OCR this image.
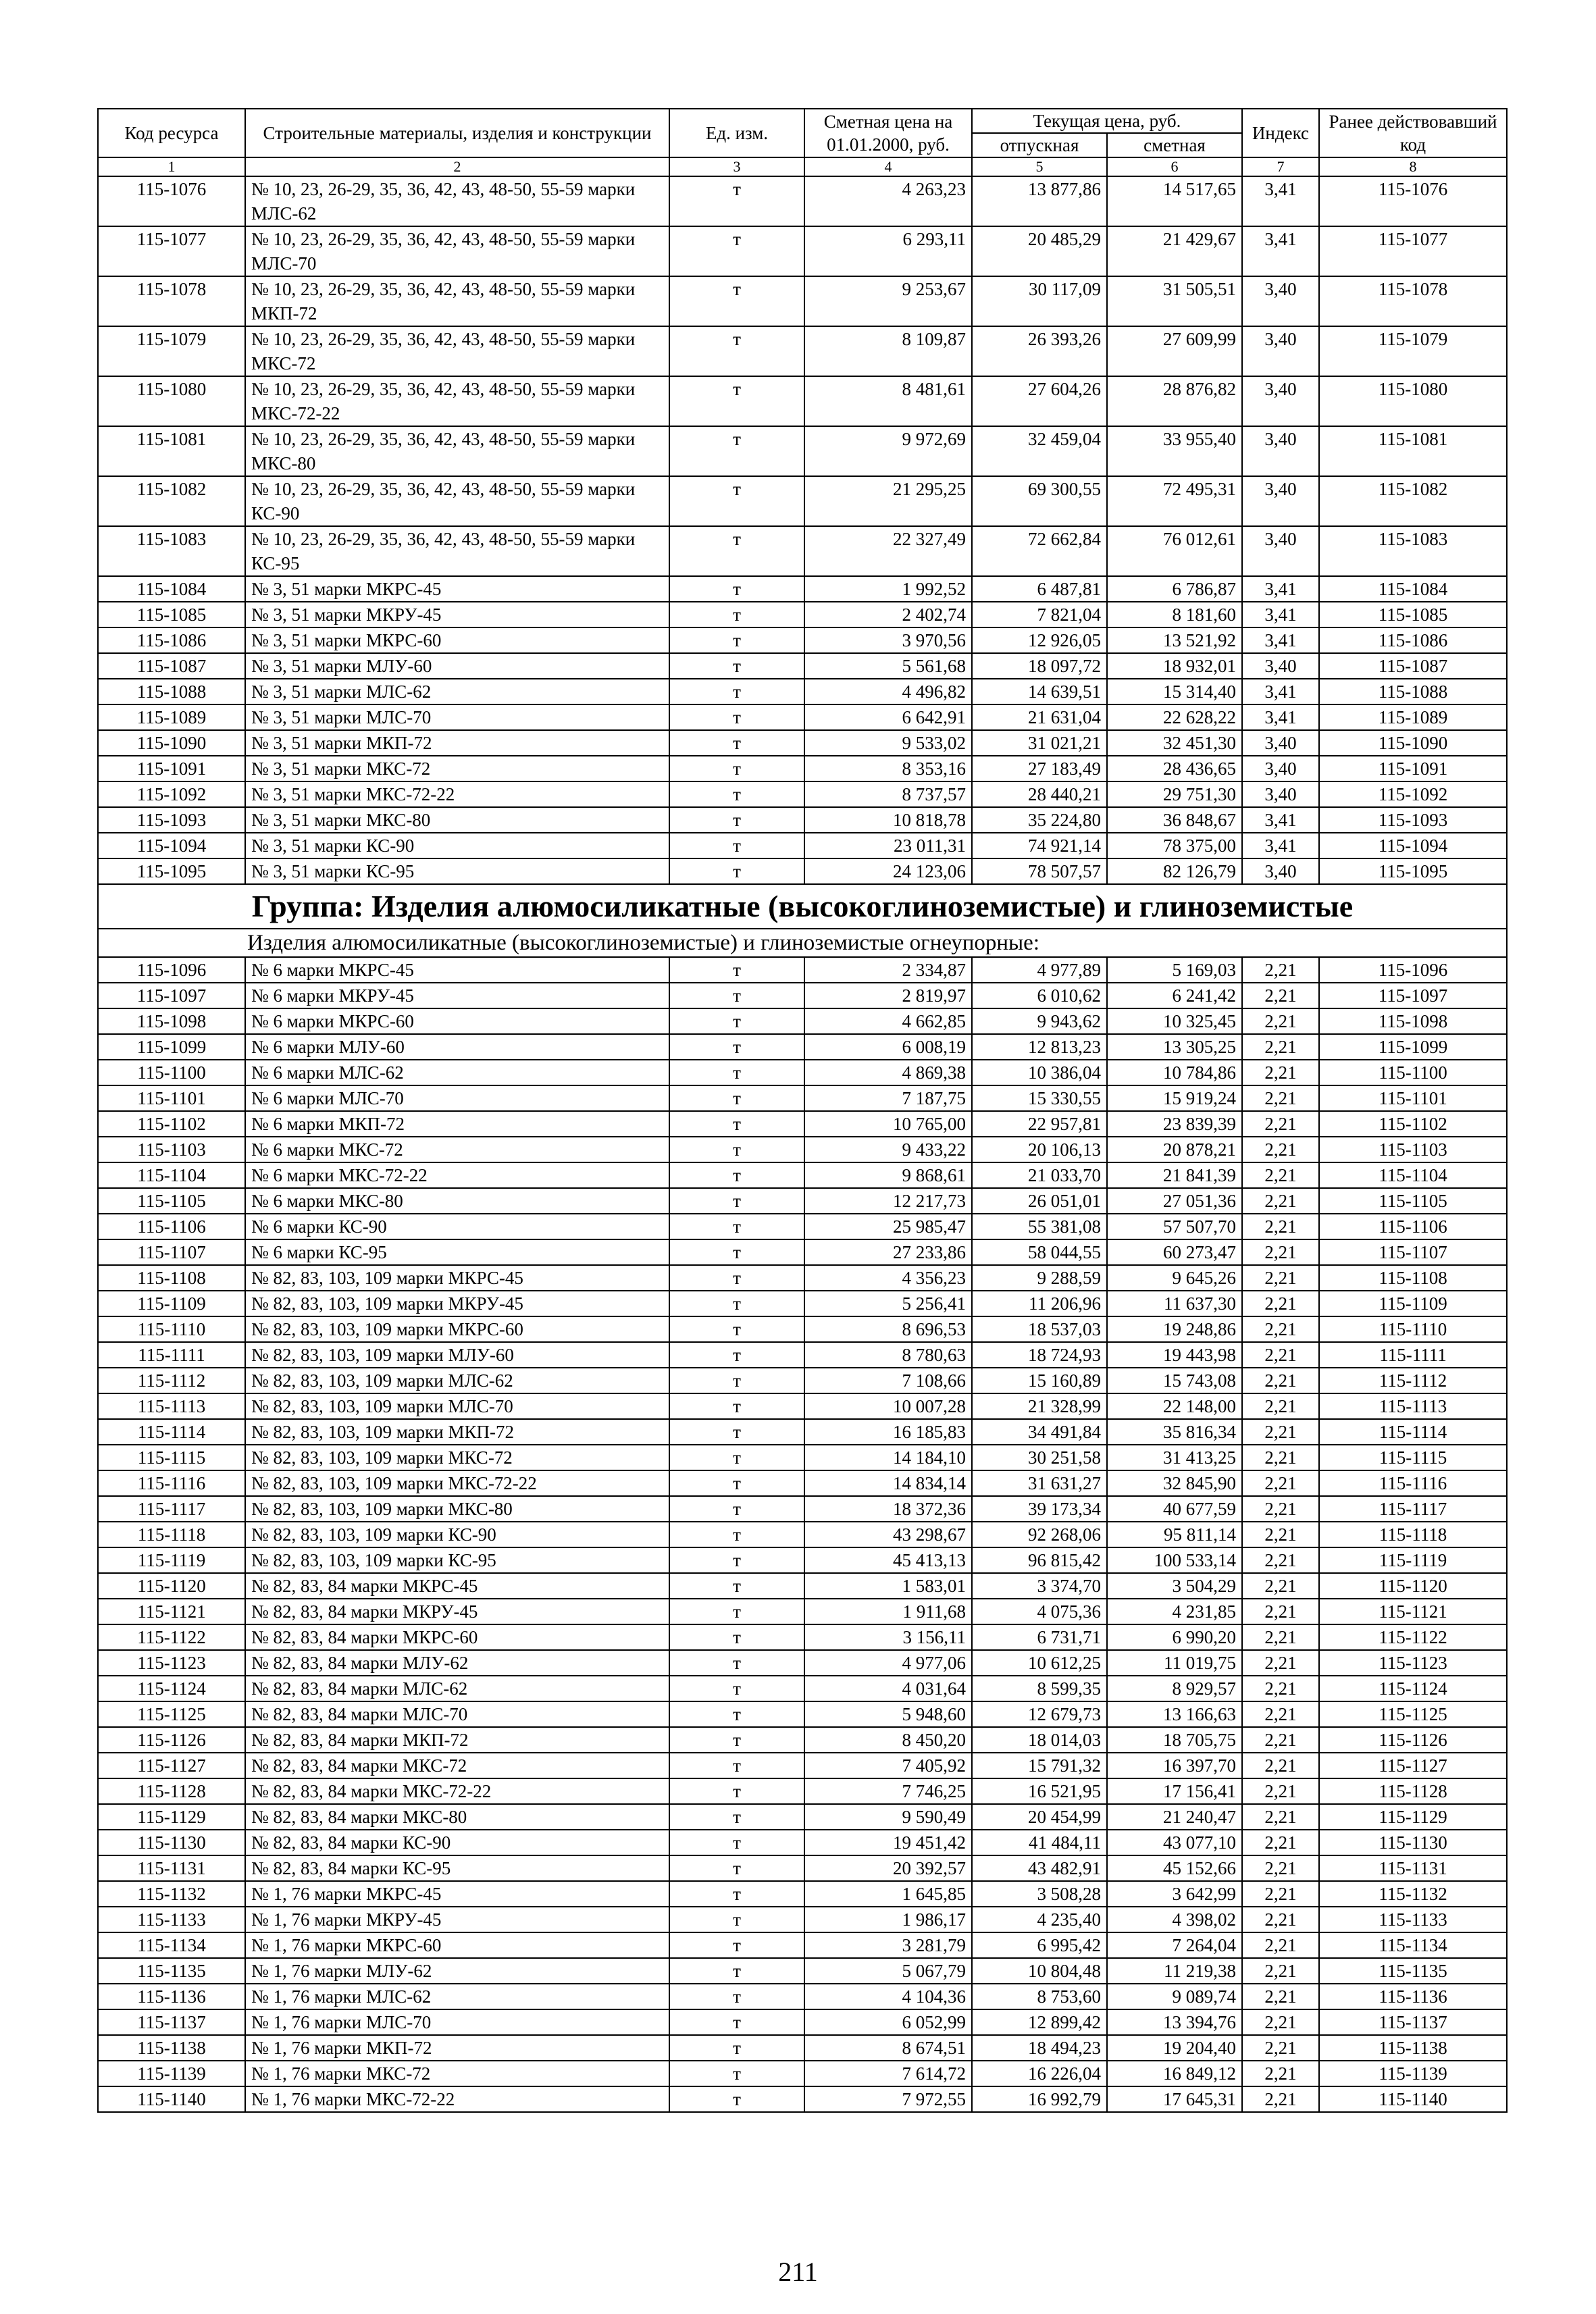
Код ресурса	Строительные материалы, изделия и конструкции	Ед. изм.	Сметная цена на 01.01.2000, руб.	Текущая цена, руб.		Индекс	Ранее действовавший код
				отпускная	сметная		
1	2	3	4	5	6	7	8
115-1076	№ 10, 23, 26-29, 35, 36, 42, 43, 48-50, 55-59 марки МЛС-62	т	4 263,23	13 877,86	14 517,65	3,41	115-1076
115-1077	№ 10, 23, 26-29, 35, 36, 42, 43, 48-50, 55-59 марки МЛС-70	т	6 293,11	20 485,29	21 429,67	3,41	115-1077
115-1078	№ 10, 23, 26-29, 35, 36, 42, 43, 48-50, 55-59 марки МКП-72	т	9 253,67	30 117,09	31 505,51	3,40	115-1078
115-1079	№ 10, 23, 26-29, 35, 36, 42, 43, 48-50, 55-59 марки МКС-72	т	8 109,87	26 393,26	27 609,99	3,40	115-1079
115-1080	№ 10, 23, 26-29, 35, 36, 42, 43, 48-50, 55-59 марки МКС-72-22	т	8 481,61	27 604,26	28 876,82	3,40	115-1080
115-1081	№ 10, 23, 26-29, 35, 36, 42, 43, 48-50, 55-59 марки МКС-80	т	9 972,69	32 459,04	33 955,40	3,40	115-1081
115-1082	№ 10, 23, 26-29, 35, 36, 42, 43, 48-50, 55-59 марки КС-90	т	21 295,25	69 300,55	72 495,31	3,40	115-1082
115-1083	№ 10, 23, 26-29, 35, 36, 42, 43, 48-50, 55-59 марки КС-95	т	22 327,49	72 662,84	76 012,61	3,40	115-1083
115-1084	№ 3, 51 марки МКРС-45	т	1 992,52	6 487,81	6 786,87	3,41	115-1084
115-1085	№ 3, 51 марки МКРУ-45	т	2 402,74	7 821,04	8 181,60	3,41	115-1085
115-1086	№ 3, 51 марки МКРС-60	т	3 970,56	12 926,05	13 521,92	3,41	115-1086
115-1087	№ 3, 51 марки МЛУ-60	т	5 561,68	18 097,72	18 932,01	3,40	115-1087
115-1088	№ 3, 51 марки МЛС-62	т	4 496,82	14 639,51	15 314,40	3,41	115-1088
115-1089	№ 3, 51 марки МЛС-70	т	6 642,91	21 631,04	22 628,22	3,41	115-1089
115-1090	№ 3, 51 марки МКП-72	т	9 533,02	31 021,21	32 451,30	3,40	115-1090
115-1091	№ 3, 51 марки МКС-72	т	8 353,16	27 183,49	28 436,65	3,40	115-1091
115-1092	№ 3, 51 марки МКС-72-22	т	8 737,57	28 440,21	29 751,30	3,40	115-1092
115-1093	№ 3, 51 марки МКС-80	т	10 818,78	35 224,80	36 848,67	3,41	115-1093
115-1094	№ 3, 51 марки КС-90	т	23 011,31	74 921,14	78 375,00	3,41	115-1094
115-1095	№ 3, 51 марки КС-95	т	24 123,06	78 507,57	82 126,79	3,40	115-1095
Группа: Изделия алюмосиликатные (высокоглиноземистые) и глиноземистые							
Изделия алюмосиликатные (высокоглиноземистые) и глиноземистые огнеупорные:							
115-1096	№ 6 марки МКРС-45	т	2 334,87	4 977,89	5 169,03	2,21	115-1096
115-1097	№ 6 марки МКРУ-45	т	2 819,97	6 010,62	6 241,42	2,21	115-1097
115-1098	№ 6 марки МКРС-60	т	4 662,85	9 943,62	10 325,45	2,21	115-1098
115-1099	№ 6 марки МЛУ-60	т	6 008,19	12 813,23	13 305,25	2,21	115-1099
115-1100	№ 6 марки МЛС-62	т	4 869,38	10 386,04	10 784,86	2,21	115-1100
115-1101	№ 6 марки МЛС-70	т	7 187,75	15 330,55	15 919,24	2,21	115-1101
115-1102	№ 6 марки МКП-72	т	10 765,00	22 957,81	23 839,39	2,21	115-1102
115-1103	№ 6 марки МКС-72	т	9 433,22	20 106,13	20 878,21	2,21	115-1103
115-1104	№ 6 марки МКС-72-22	т	9 868,61	21 033,70	21 841,39	2,21	115-1104
115-1105	№ 6 марки МКС-80	т	12 217,73	26 051,01	27 051,36	2,21	115-1105
115-1106	№ 6 марки КС-90	т	25 985,47	55 381,08	57 507,70	2,21	115-1106
115-1107	№ 6 марки КС-95	т	27 233,86	58 044,55	60 273,47	2,21	115-1107
115-1108	№ 82, 83, 103, 109 марки МКРС-45	т	4 356,23	9 288,59	9 645,26	2,21	115-1108
115-1109	№ 82, 83, 103, 109 марки МКРУ-45	т	5 256,41	11 206,96	11 637,30	2,21	115-1109
115-1110	№ 82, 83, 103, 109 марки МКРС-60	т	8 696,53	18 537,03	19 248,86	2,21	115-1110
115-1111	№ 82, 83, 103, 109 марки МЛУ-60	т	8 780,63	18 724,93	19 443,98	2,21	115-1111
115-1112	№ 82, 83, 103, 109 марки МЛС-62	т	7 108,66	15 160,89	15 743,08	2,21	115-1112
115-1113	№ 82, 83, 103, 109 марки МЛС-70	т	10 007,28	21 328,99	22 148,00	2,21	115-1113
115-1114	№ 82, 83, 103, 109 марки МКП-72	т	16 185,83	34 491,84	35 816,34	2,21	115-1114
115-1115	№ 82, 83, 103, 109 марки МКС-72	т	14 184,10	30 251,58	31 413,25	2,21	115-1115
115-1116	№ 82, 83, 103, 109 марки МКС-72-22	т	14 834,14	31 631,27	32 845,90	2,21	115-1116
115-1117	№ 82, 83, 103, 109 марки МКС-80	т	18 372,36	39 173,34	40 677,59	2,21	115-1117
115-1118	№ 82, 83, 103, 109 марки КС-90	т	43 298,67	92 268,06	95 811,14	2,21	115-1118
115-1119	№ 82, 83, 103, 109 марки КС-95	т	45 413,13	96 815,42	100 533,14	2,21	115-1119
115-1120	№ 82, 83, 84 марки МКРС-45	т	1 583,01	3 374,70	3 504,29	2,21	115-1120
115-1121	№ 82, 83, 84 марки МКРУ-45	т	1 911,68	4 075,36	4 231,85	2,21	115-1121
115-1122	№ 82, 83, 84 марки МКРС-60	т	3 156,11	6 731,71	6 990,20	2,21	115-1122
115-1123	№ 82, 83, 84 марки МЛУ-62	т	4 977,06	10 612,25	11 019,75	2,21	115-1123
115-1124	№ 82, 83, 84 марки МЛС-62	т	4 031,64	8 599,35	8 929,57	2,21	115-1124
115-1125	№ 82, 83, 84 марки МЛС-70	т	5 948,60	12 679,73	13 166,63	2,21	115-1125
115-1126	№ 82, 83, 84 марки МКП-72	т	8 450,20	18 014,03	18 705,75	2,21	115-1126
115-1127	№ 82, 83, 84 марки МКС-72	т	7 405,92	15 791,32	16 397,70	2,21	115-1127
115-1128	№ 82, 83, 84 марки МКС-72-22	т	7 746,25	16 521,95	17 156,41	2,21	115-1128
115-1129	№ 82, 83, 84 марки МКС-80	т	9 590,49	20 454,99	21 240,47	2,21	115-1129
115-1130	№ 82, 83, 84 марки КС-90	т	19 451,42	41 484,11	43 077,10	2,21	115-1130
115-1131	№ 82, 83, 84 марки КС-95	т	20 392,57	43 482,91	45 152,66	2,21	115-1131
115-1132	№ 1, 76 марки МКРС-45	т	1 645,85	3 508,28	3 642,99	2,21	115-1132
115-1133	№ 1, 76 марки МКРУ-45	т	1 986,17	4 235,40	4 398,02	2,21	115-1133
115-1134	№ 1, 76 марки МКРС-60	т	3 281,79	6 995,42	7 264,04	2,21	115-1134
115-1135	№ 1, 76 марки МЛУ-62	т	5 067,79	10 804,48	11 219,38	2,21	115-1135
115-1136	№ 1, 76 марки МЛС-62	т	4 104,36	8 753,60	9 089,74	2,21	115-1136
115-1137	№ 1, 76 марки МЛС-70	т	6 052,99	12 899,42	13 394,76	2,21	115-1137
115-1138	№ 1, 76 марки МКП-72	т	8 674,51	18 494,23	19 204,40	2,21	115-1138
115-1139	№ 1, 76 марки МКС-72	т	7 614,72	16 226,04	16 849,12	2,21	115-1139
115-1140	№ 1, 76 марки МКС-72-22	т	7 972,55	16 992,79	17 645,31	2,21	115-1140
211
